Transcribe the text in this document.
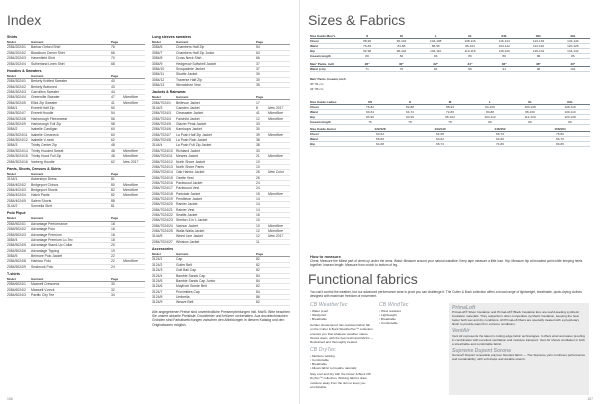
Index
Shirts
Model	Garment	Page
2084/2024/1	Barlow Oxford Shirt	76
2084/2024/2	Blackburn Denim Shirt	66
2084/2024/3	Havenfield Shirt	70
2084/2024/4	Sutherland Linen Shirt	68
Hoodies & Sweaters
Model	Garment	Page
2084/3024/1	Berkely Knitted Sweater	40
2084/3024/2	Berkely Buttoned	43
2084/3024/3	Carrollton Sweater	44
2084/3024/4	Greenville Sweater	47	Microfibre
2084/3024/5	Elliot Zip Sweater	41	Microfibre
3084/1	Everett Half Zip	50
2084/3024/7	Everett Hoodie	54
2084/3024/8	Harborough Fleecewear	56
2084/3024/9	Harborough Full Zip	58
3084/2	Isabelle Cardigan	60
2084/3024/11	Isabelle Crewneck	60
2084/3024/12 Isabelle V-neck	62
3084/3	Trinity Center Zip	48
2084/3024/14 Trinity Hooded Sweat	48	Microfibre
2084/3024/15 Trinity Hood Full Zip	48	Microfibre
2084/3024/16 Varberg Hoodie	62	New 2017
Pants, Shorts, Dresses & Skirts
Model	Garment	Page
3144/1	Askersbyn Dress	81
2084/4024/2	Bridgeport Chinos	80	Microfibre
2084/4024/3	Bridgeport Shorts	82	Microfibre
2084/4024/4	Hatch Pants	82	Microfibre
2084/4024/5	Salem Shorts	88
3144/2	Sonnella Skirt	81
Polo Piqué
Model	Garment	Page
2084/5024/1	Advantage Performance	18
2084/5024/2	Advantage Polo	16
2084/5024/3	Advantage Premium	18
3084/4	Advantage Premium Lo-Tec	18
2084/5024/5	Advantage Stand-Up Collar	20
2084/5024/6	Advantage Tipping	19
3084/5	Belmore Polo Jacket	22
2084/5024/8	Harbour Polo	22	Microfibre
2084/5024/9	Seabrook Polo	24
T-shirts
Model	Garment	Page
2084/6024/1	Maxwell Crewneck	30
2084/6024/2	Maxwell V-neck	32
2084/6024/3	Pacific City Tee	34
Long sleeves sweaters
Model	Garment	Page
3084/6	Chambers Half Zip	54
3084/7	Chambers Half Zip Junior	63
3084/8	Cross Neck Shirt	66
3084/9	Hedgerow Softshell Jacket	37
3084/10	Snoqualmie Jacket	37
3084/11	Shuttle Jacket	30
3084/12	Traverse Half Zip	30
3084/13	Wenatchee Vest	35
Jackets & Rainwear
Model	Garment	Page
2084/7024/1	Bellevue Jacket	17
3144/3	Camden Jacket	8	New 2017
2084/7024/3	Clearwater Jacket	41	Microfibre
2084/7024/4	Fairchild Jacket	12	Microfibre
2084/7024/5	Glacier Peak Jacket	33
2084/7024/6	Kamloops Jacket	30
2084/7024/7	La Push Half Zip Jacket	39	Microfibre
2084/7024/8	La Push Rain Jacket	38
3144/4	La Push Full Zip Jacket	38
2084/7024/10 Richland Jacket	33
2084/7024/11	Meares Jacket	21	Microfibre
2084/7024/12 North Shore Jacket	10
2084/7024/13 North Shore Pants	10
2084/7024/14 Oak Harbor Jacket	26	New Color
2084/7024/15 Ozette Vest	26
2084/7024/16 Packwood Jacket	24
2084/7024/17 Packwood Vest	24
2084/7024/18 Parkdale Jacket	15	Microfibre
2084/7024/19 Pendleton Jacket	14
2084/7024/20 Rainier Jacket	14
2084/7024/21 Rainier Vest	14
2084/7024/22 Seattle Jacket	16
2084/7024/23 Shelton 3 in 1 Jacket	10
2084/7024/24 Vashon Jacket	10	Microfibre
2084/7024/25 Walla Walla Jacket	12	Microfibre
3144/5	Weed Line Jacket	12	New 2017
2084/7024/27 Winslow Jacket	11
Accessories
Model	Garment	Page
3124/1	Cap	82
3124/2	Golfer Belt	82
3124/3	Golf Ball Cap	82
3124/4	Bamble Sands Cap	84
3124/5	Bamble Sands Cap Junior	84
3124/6	Mayfront Suede Belt	82
3124/7	Proximities Cap	84
3124/8	Umbrella	86
3124/9	Weave Belt	82
Alle angegebenen Preise sind unverbindliche Preisempfehlungen inkl. MwSt. Bitte beachten Sie unsere aktuelle Preisliste. Druckfehler und Irrtümer vorbehalten. Aus drucktechnischen Gründen sind Farbabweichungen zwischen den Abbildungen in diesem Katalog und den Originalwaren möglich.
106
Sizes & Fabrics
Size Guide Men's	S	M	L	XL	XXL	3XL	4XL
Chest	88-96	96-104	104-108	108-116	116-124	124-132	132-140
Waist	76-84	84-88	88-96	96-104	104-112	112-120	120-128
Hip	92-98	98-104	104-110	110-118	118-126	126-134	134-142
Inseam length	80	82	84	86	86	86	86
Men' Pants, inch	28"	30"	32"	34"	36"	38"	40"
Waist (cm)	71	76	81	86	91	96	101
Men' Pants, Inseam, inch
30" 81 cm
34" 86 cm
Size Guide Ladies	XS	S	M	L	XL	XXL
Chest	76-82	82-88	88-94	94-100	100-108	108-118
Waist	60-64	64-72	72-80	80-88	88-100	100-110
Hip	84-90	90-96	96-104	104-112	112-120	120-128
Inseam length	76	78	78	80	80	80
Size Guide Junior	122/128	134/140	146/152	158/164
Chest	60-64	64-68	68-76	76-80
Waist	56-60	60-62	62-66	66-70
Hip	64-68	68-74	74-80	80-86
How to measure
Chest: Measure the fullest part of chest up under the arms. Waist: Measure around your natural waistline. Keep tape measure a little lose. Hip: Measure hip at broadest point while keeping heels together. Inseam length: Measure from crotch to bottom of leg.
Functional fabrics
You can't control the weather, but our advanced performance wear is proof you can challenge it. The Cutter & Buck collection offers a broad range of lightweight, breathable, quick-drying clothes designed with maximum freedom of movement.
CB WeatherTec
▪ Water proof
▪ Windproof
▪ Breathable

Golden showerproof rain-resistant fabric fall on the Cutter & Buck WeatherTec™ collection ensures you that whatever weather nature throws down, with the best technical fabrics — Restrained and thoroughly treated.

CB DryTec
▪ Moisture wicking
▪ Comfortable
▪ Breathable
▪ Allows fabric to breathe naturally

Stay cool and dry with the Cutter & Buck CB DryTec™ collection. Wicking fabrics draw moisture away from the skin to keep you comfortable.

CB WindTec
▪ Wind resistant
▪ Lightweight
▪ Breathable
▪ Comfortable
PrimaLoft
PrimaLoft® Silver Insulation and PrimaLoft® Black Insulation Eco are world-leading synthetic insulation materials. They outperform other competitive synthetic insulation, keeping the heat better both wet and dry conditions. All PrimaLoft fibers are specially treated with a proprietary finish to provide warmth in extreme conditions.
VentAir
Vent Air represents the latest in cutting edge fabric technologies. It offers wind and water proofing in combination with excellent ventilation and moisture transport. Vent Air shows ventilation in both a stretchable and comfortable fabric.
Supreme Dupont Sorona
Sorona® Dupont renewable polymer blended fabric — The Supreme yarn combines performance and sustainability, with soft drape and durable stretch.
107
